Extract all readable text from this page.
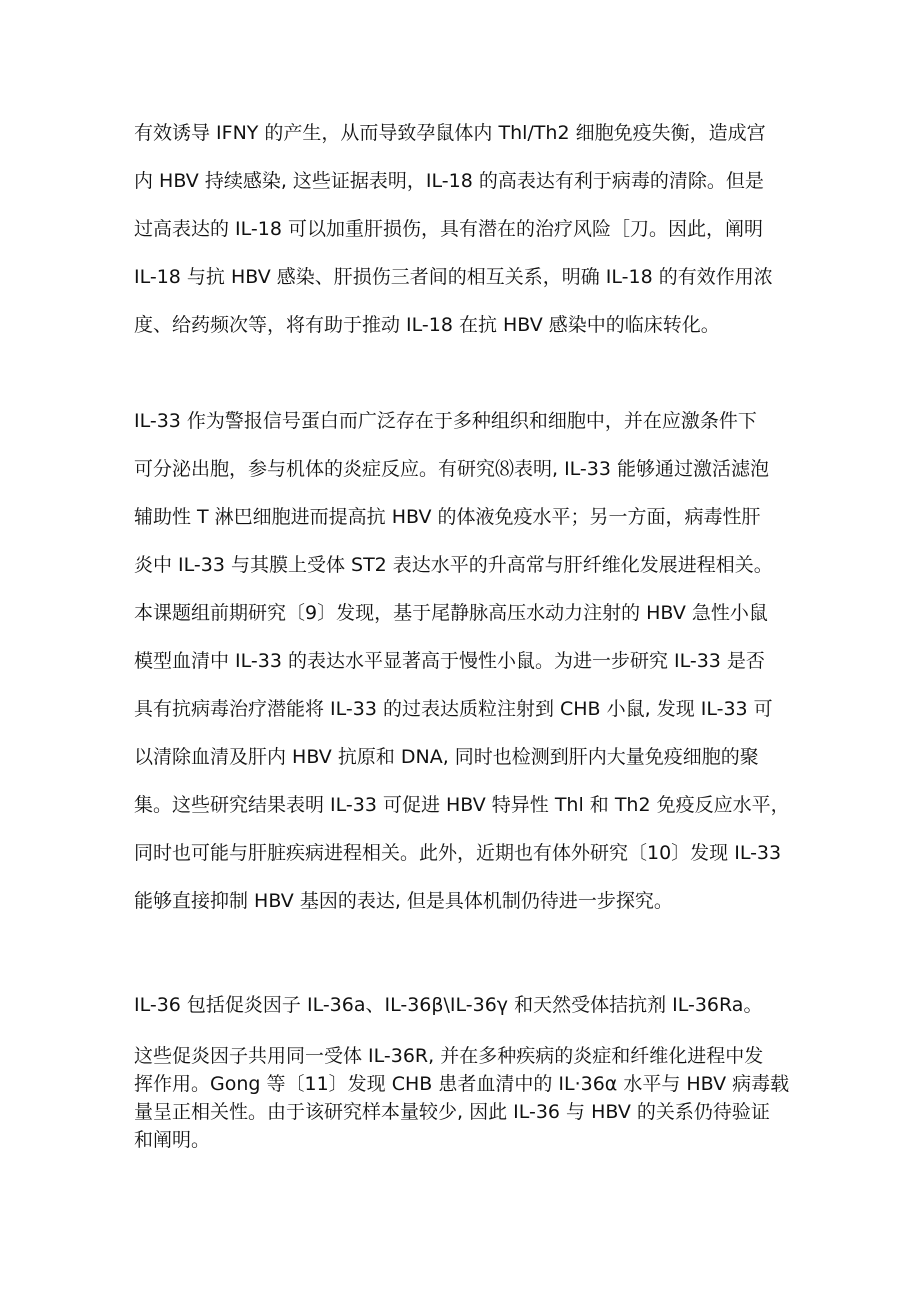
有效诱导 IFNY 的产生，从而导致孕鼠体内 Thl/Th2 细胞免疫失衡，造成宫
内 HBV 持续感染, 这些证据表明，IL-18 的高表达有利于病毒的清除。但是
过高表达的 IL-18 可以加重肝损伤，具有潜在的治疗风险［刀。因此，阐明
IL-18 与抗 HBV 感染、肝损伤三者间的相互关系，明确 IL-18 的有效作用浓
度、给药频次等，将有助于推动 IL-18 在抗 HBV 感染中的临床转化。
IL-33 作为警报信号蛋白而广泛存在于多种组织和细胞中，并在应激条件下
可分泌出胞，参与机体的炎症反应。有研究⑻表明, IL-33 能够通过激活滤泡
辅助性 T 淋巴细胞进而提高抗 HBV 的体液免疫水平；另一方面，病毒性肝
炎中 IL-33 与其膜上受体 ST2 表达水平的升高常与肝纤维化发展进程相关。
本课题组前期研究〔9〕发现，基于尾静脉高压水动力注射的 HBV 急性小鼠
模型血清中 IL-33 的表达水平显著高于慢性小鼠。为进一步研究 IL-33 是否
具有抗病毒治疗潜能将 IL-33 的过表达质粒注射到 CHB 小鼠, 发现 IL-33 可
以清除血清及肝内 HBV 抗原和 DNA, 同时也检测到肝内大量免疫细胞的聚
集。这些研究结果表明 IL-33 可促进 HBV 特异性 Thl 和 Th2 免疫反应水平，
同时也可能与肝脏疾病进程相关。此外，近期也有体外研究〔10〕发现 IL-33
能够直接抑制 HBV 基因的表达, 但是具体机制仍待进一步探究。
IL-36 包括促炎因子 IL-36a、IL-36β\IL-36γ 和天然受体拮抗剂 IL-36Ra。
这些促炎因子共用同一受体 IL-36R, 并在多种疾病的炎症和纤维化进程中发
挥作用。Gong 等〔11〕发现 CHB 患者血清中的 IL·36α 水平与 HBV 病毒载
量呈正相关性。由于该研究样本量较少, 因此 IL-36 与 HBV 的关系仍待验证
和阐明。
